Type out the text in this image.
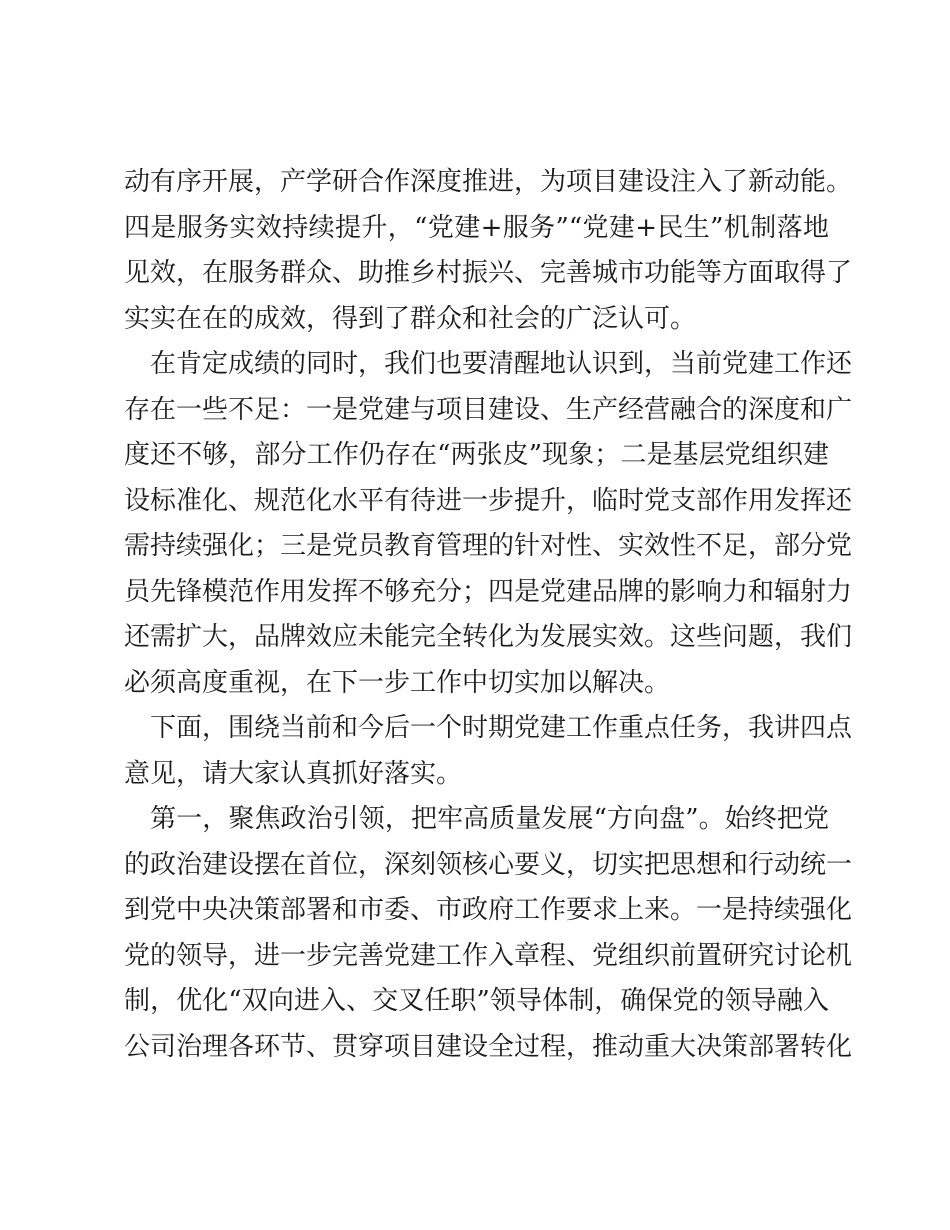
动有序开展，产学研合作深度推进，为项目建设注入了新动能。
四是服务实效持续提升，“党建+服务”“党建+民生”机制落地
见效，在服务群众、助推乡村振兴、完善城市功能等方面取得了
实实在在的成效，得到了群众和社会的广泛认可。
　在肯定成绩的同时，我们也要清醒地认识到，当前党建工作还
存在一些不足：一是党建与项目建设、生产经营融合的深度和广
度还不够，部分工作仍存在“两张皮”现象；二是基层党组织建
设标准化、规范化水平有待进一步提升，临时党支部作用发挥还
需持续强化；三是党员教育管理的针对性、实效性不足，部分党
员先锋模范作用发挥不够充分；四是党建品牌的影响力和辐射力
还需扩大，品牌效应未能完全转化为发展实效。这些问题，我们
必须高度重视，在下一步工作中切实加以解决。
　下面，围绕当前和今后一个时期党建工作重点任务，我讲四点
意见，请大家认真抓好落实。
　第一，聚焦政治引领，把牢高质量发展“方向盘”。始终把党
的政治建设摆在首位，深刻领核心要义，切实把思想和行动统一
到党中央决策部署和市委、市政府工作要求上来。一是持续强化
党的领导，进一步完善党建工作入章程、党组织前置研究讨论机
制，优化“双向进入、交叉任职”领导体制，确保党的领导融入
公司治理各环节、贯穿项目建设全过程，推动重大决策部署转化
